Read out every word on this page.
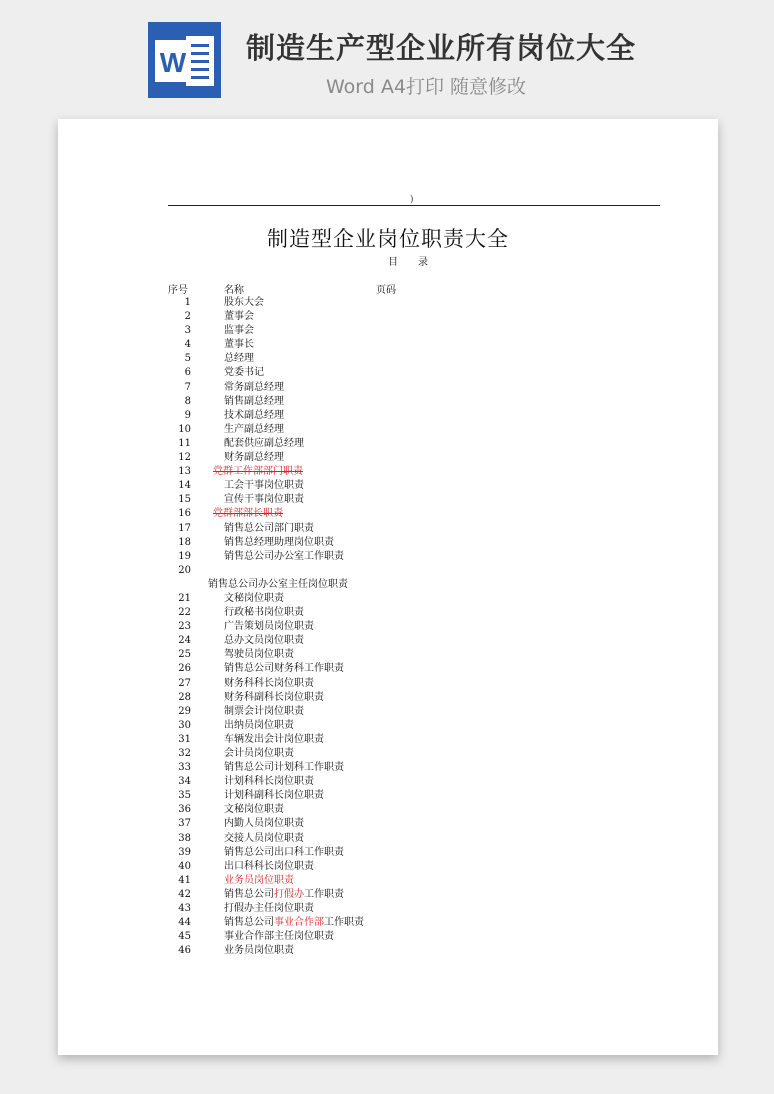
W 制造生产型企业所有岗位大全
Word A4打印 随意修改
)
制造型企业岗位职责大全
目录
序号	名称	页码
1	股东大会
2	董事会
3	监事会
4	董事长
5	总经理
6	党委书记
7	常务副总经理
8	销售副总经理
9	技术副总经理
10	生产副总经理
11	配套供应副总经理
12	财务副总经理
13 党群工作部部门职责
14	工会干事岗位职责
15	宣传干事岗位职责
16 党群部部长职责
17	销售总公司部门职责
18	销售总经理助理岗位职责
19	销售总公司办公室工作职责
20
销售总公司办公室主任岗位职责
21	文秘岗位职责
22	行政秘书岗位职责
23	广告策划员岗位职责
24	总办文员岗位职责
25	驾驶员岗位职责
26	销售总公司财务科工作职责
27	财务科科长岗位职责
28	财务科副科长岗位职责
29	制票会计岗位职责
30	出纳员岗位职责
31	车辆发出会计岗位职责
32	会计员岗位职责
33	销售总公司计划科工作职责
34	计划科科长岗位职责
35	计划科副科长岗位职责
36	文秘岗位职责
37	内勤人员岗位职责
38	交接人员岗位职责
39	销售总公司出口科工作职责
40	出口科科长岗位职责
41	业务员岗位职责
42	销售总公司打假办工作职责
43	打假办主任岗位职责
44	销售总公司事业合作部工作职责
45	事业合作部主任岗位职责
46	业务员岗位职责
